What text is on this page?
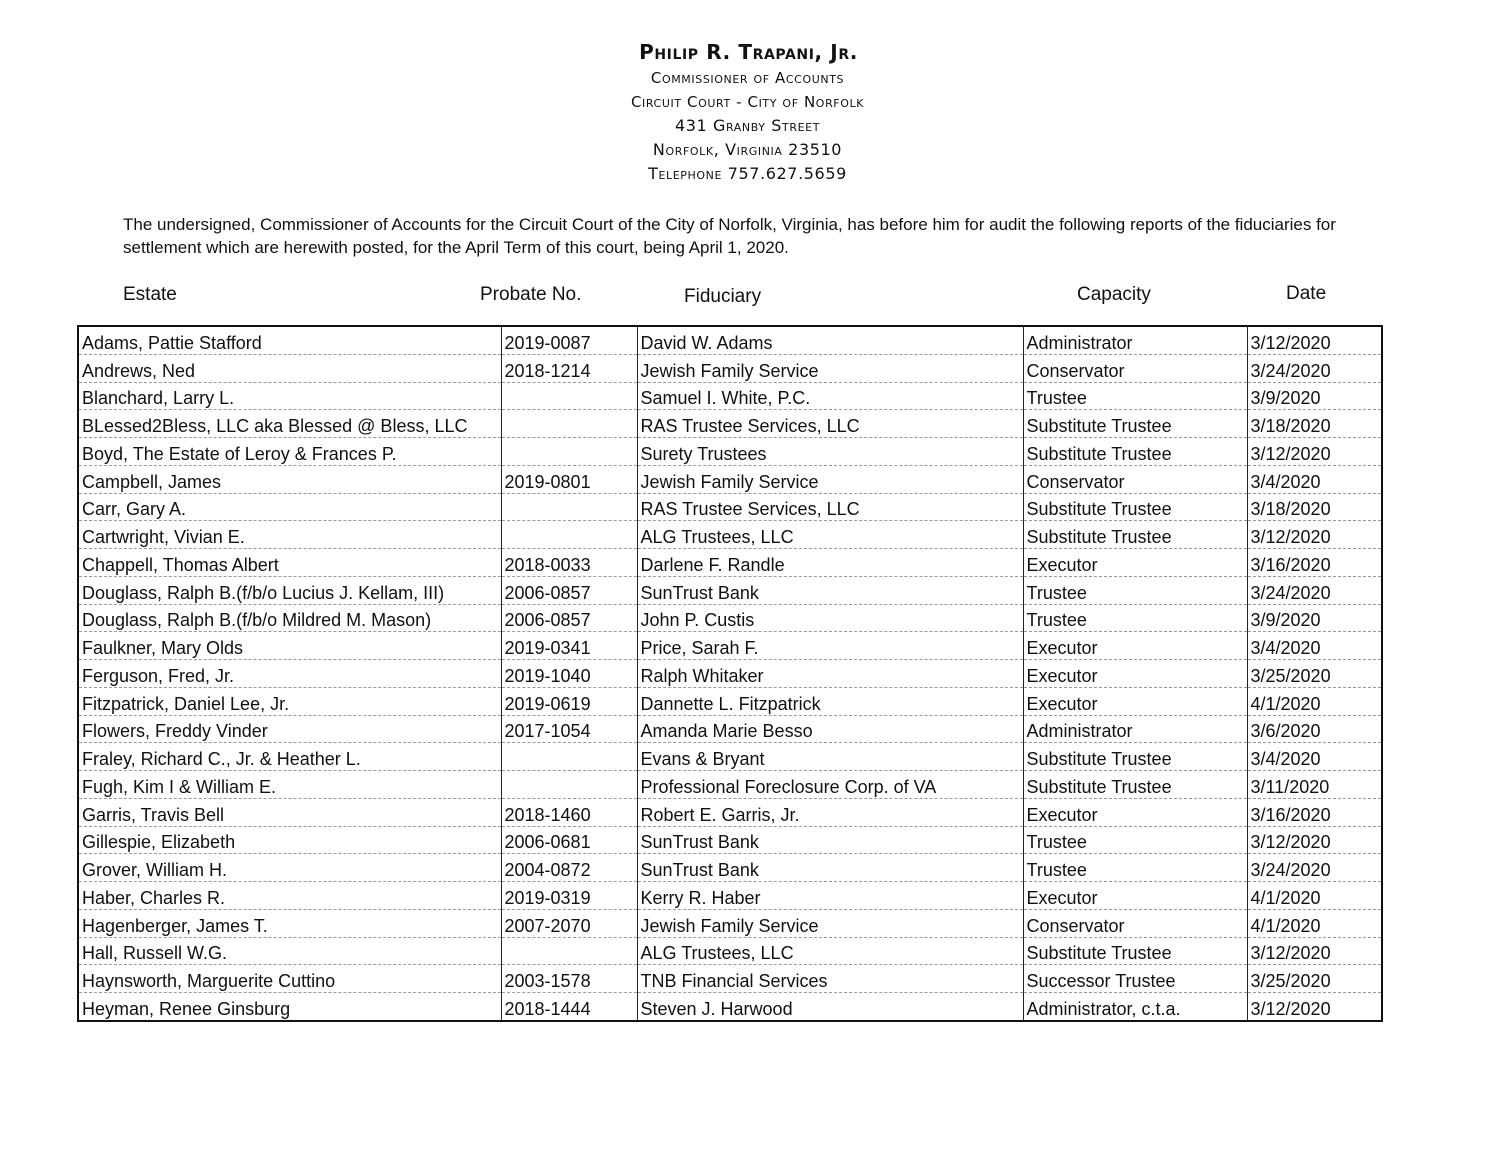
Philip R. Trapani, Jr.
Commissioner of Accounts
Circuit Court - City of Norfolk
431 Granby Street
Norfolk, Virginia 23510
Telephone 757.627.5659
The undersigned, Commissioner of Accounts for the Circuit Court of the City of Norfolk, Virginia, has before him for audit the following reports of the fiduciaries for settlement which are herewith posted, for the April Term of this court, being April 1, 2020.
Estate	Probate No.	Fiduciary	Capacity	Date
Adams, Pattie Stafford	2019-0087	David W. Adams	Administrator	3/12/2020
Andrews, Ned	2018-1214	Jewish Family Service	Conservator	3/24/2020
Blanchard, Larry L.		Samuel I. White, P.C.	Trustee	3/9/2020
BLessed2Bless, LLC aka Blessed @ Bless, LLC		RAS Trustee Services, LLC	Substitute Trustee	3/18/2020
Boyd, The Estate of Leroy & Frances P.		Surety Trustees	Substitute Trustee	3/12/2020
Campbell, James	2019-0801	Jewish Family Service	Conservator	3/4/2020
Carr, Gary A.		RAS Trustee Services, LLC	Substitute Trustee	3/18/2020
Cartwright, Vivian E.		ALG Trustees, LLC	Substitute Trustee	3/12/2020
Chappell, Thomas Albert	2018-0033	Darlene F. Randle	Executor	3/16/2020
Douglass, Ralph B.(f/b/o Lucius J. Kellam, III)	2006-0857	SunTrust Bank	Trustee	3/24/2020
Douglass, Ralph B.(f/b/o Mildred M. Mason)	2006-0857	John P. Custis	Trustee	3/9/2020
Faulkner, Mary Olds	2019-0341	Price, Sarah F.	Executor	3/4/2020
Ferguson, Fred, Jr.	2019-1040	Ralph Whitaker	Executor	3/25/2020
Fitzpatrick, Daniel Lee, Jr.	2019-0619	Dannette L. Fitzpatrick	Executor	4/1/2020
Flowers, Freddy Vinder	2017-1054	Amanda Marie Besso	Administrator	3/6/2020
Fraley, Richard C., Jr. & Heather L.		Evans & Bryant	Substitute Trustee	3/4/2020
Fugh, Kim I & William E.		Professional Foreclosure Corp. of VA	Substitute Trustee	3/11/2020
Garris, Travis Bell	2018-1460	Robert E. Garris, Jr.	Executor	3/16/2020
Gillespie, Elizabeth	2006-0681	SunTrust Bank	Trustee	3/12/2020
Grover, William H.	2004-0872	SunTrust Bank	Trustee	3/24/2020
Haber, Charles R.	2019-0319	Kerry R. Haber	Executor	4/1/2020
Hagenberger, James T.	2007-2070	Jewish Family Service	Conservator	4/1/2020
Hall, Russell W.G.		ALG Trustees, LLC	Substitute Trustee	3/12/2020
Haynsworth, Marguerite Cuttino	2003-1578	TNB Financial Services	Successor Trustee	3/25/2020
Heyman, Renee Ginsburg	2018-1444	Steven J. Harwood	Administrator, c.t.a.	3/12/2020
